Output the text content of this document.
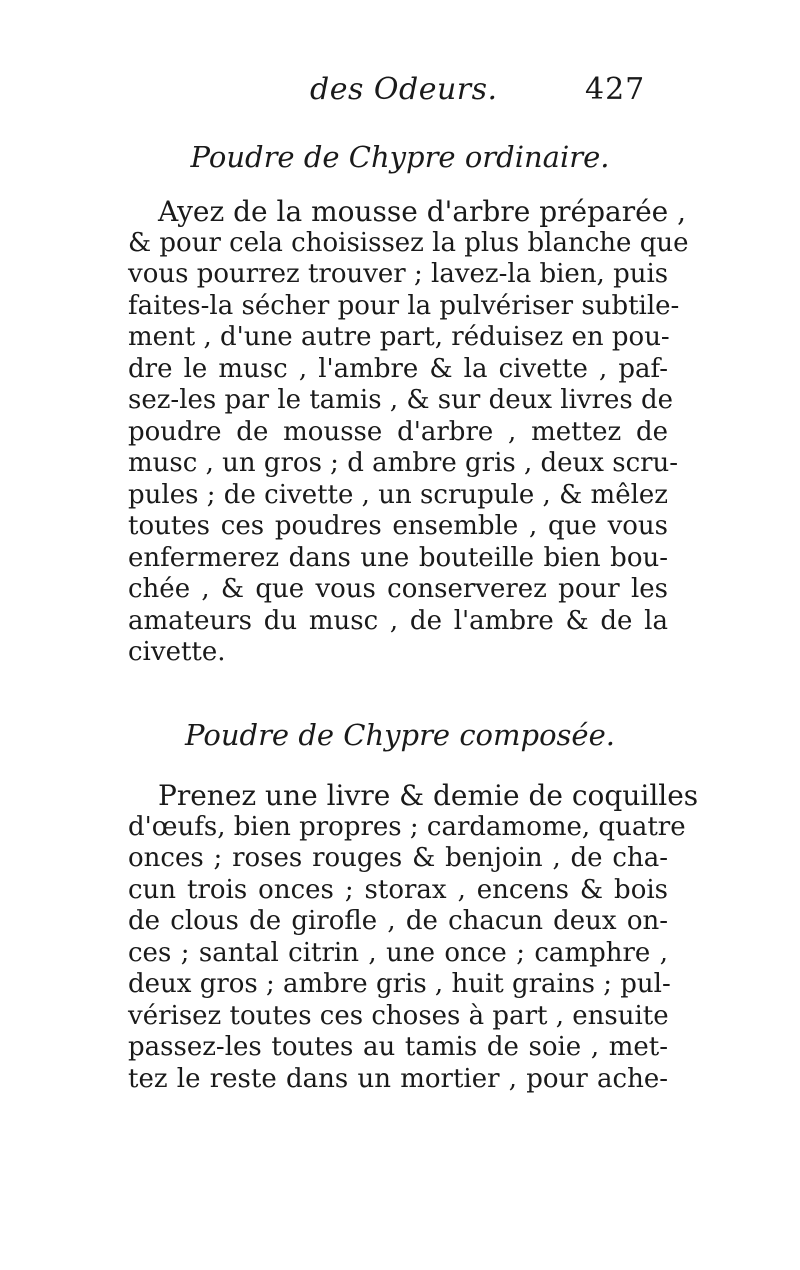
des Odeurs.	427
Poudre de Chypre ordinaire.
Ayez de la mousse d'arbre préparée ,
& pour cela choisissez la plus blanche que
vous pourrez trouver ; lavez-la bien, puis
faites-la sécher pour la pulvériser subtile-
ment , d'une autre part, réduisez en pou-
dre le musc , l'ambre & la civette , paf-
sez-les par le tamis , & sur deux livres de
poudre de mousse d'arbre , mettez de
musc , un gros ; d ambre gris , deux scru-
pules ; de civette , un scrupule , & mêlez
toutes ces poudres ensemble , que vous
enfermerez dans une bouteille bien bou-
chée , & que vous conserverez pour les
amateurs du musc , de l'ambre & de la
civette.
Poudre de Chypre composée.
Prenez une livre & demie de coquilles
d'œufs, bien propres ; cardamome, quatre
onces ; roses rouges & benjoin , de cha-
cun trois onces ; storax , encens & bois
de clous de girofle , de chacun deux on-
ces ; santal citrin , une once ; camphre ,
deux gros ; ambre gris , huit grains ; pul-
vérisez toutes ces choses à part , ensuite
passez-les toutes au tamis de soie , met-
tez le reste dans un mortier , pour ache-
